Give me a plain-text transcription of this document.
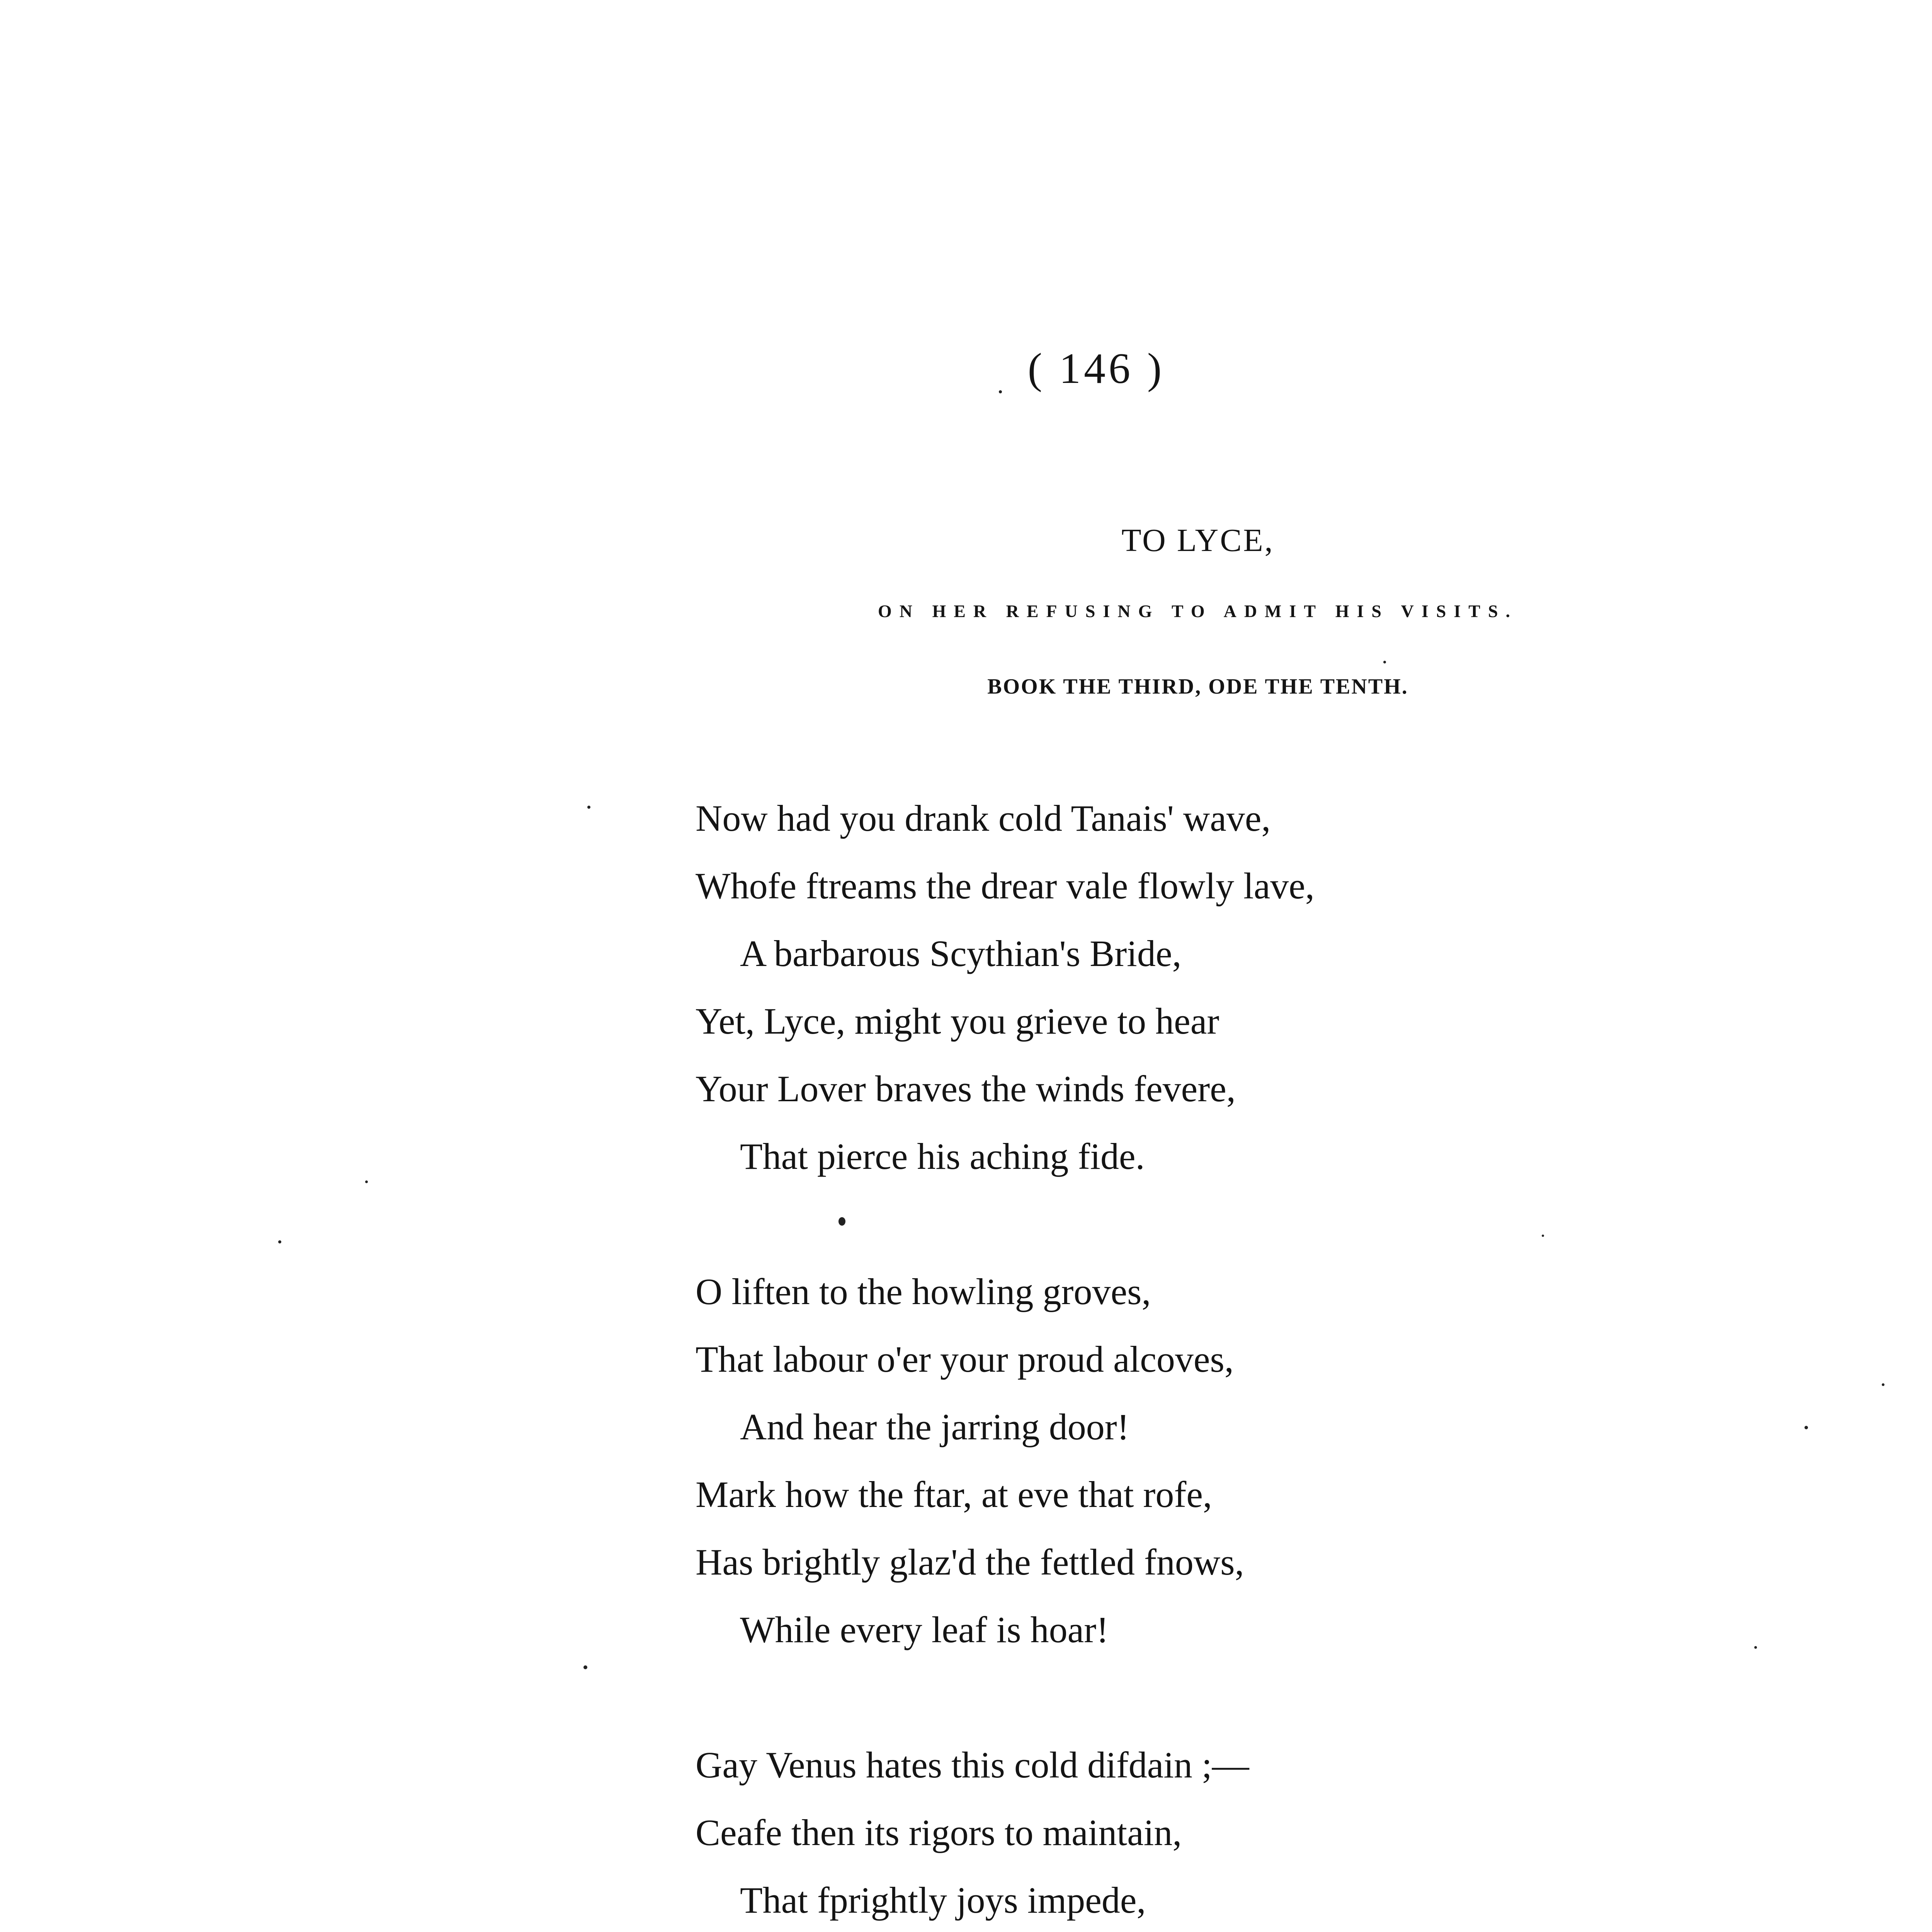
( 146 )
TO LYCE,
ON HER REFUSING TO ADMIT HIS VISITS.
BOOK THE THIRD, ODE THE TENTH.
Now had you drank cold Tanais' wave,
Whofe ftreams the drear vale flowly lave,
A barbarous Scythian's Bride,
Yet, Lyce, might you grieve to hear
Your Lover braves the winds fevere,
That pierce his aching fide.
O liften to the howling groves,
That labour o'er your proud alcoves,
And hear the jarring door!
Mark how the ftar, at eve that rofe,
Has brightly glaz'd the fettled fnows,
While every leaf is hoar!
Gay Venus hates this cold difdain ;—
Ceafe then its rigors to maintain,
That fprightly joys impede,
